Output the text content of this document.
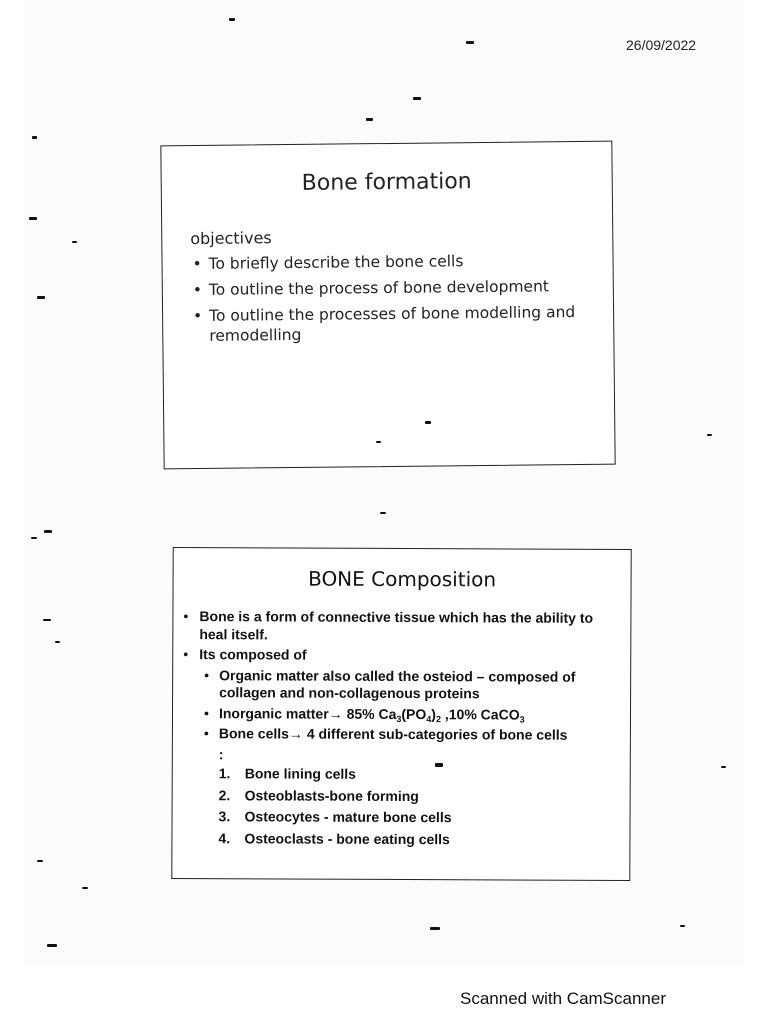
26/09/2022
Bone formation
objectives
• To briefly describe the bone cells
• To outline the process of bone development
• To outline the processes of bone modelling and remodelling
BONE Composition
• Bone is a form of connective tissue which has the ability to heal itself.
• Its composed of
• Organic matter also called the osteiod – composed of collagen and non-collagenous proteins
• Inorganic matter→ 85% $Ca_3(PO_4)_2$ ,10% CaCO$_3$
• Bone cells→ 4 different sub-categories of bone cells
:
1. Bone lining cells
2. Osteoblasts-bone forming
3. Osteocytes - mature bone cells
4. Osteoclasts - bone eating cells
Scanned with CamScanner
